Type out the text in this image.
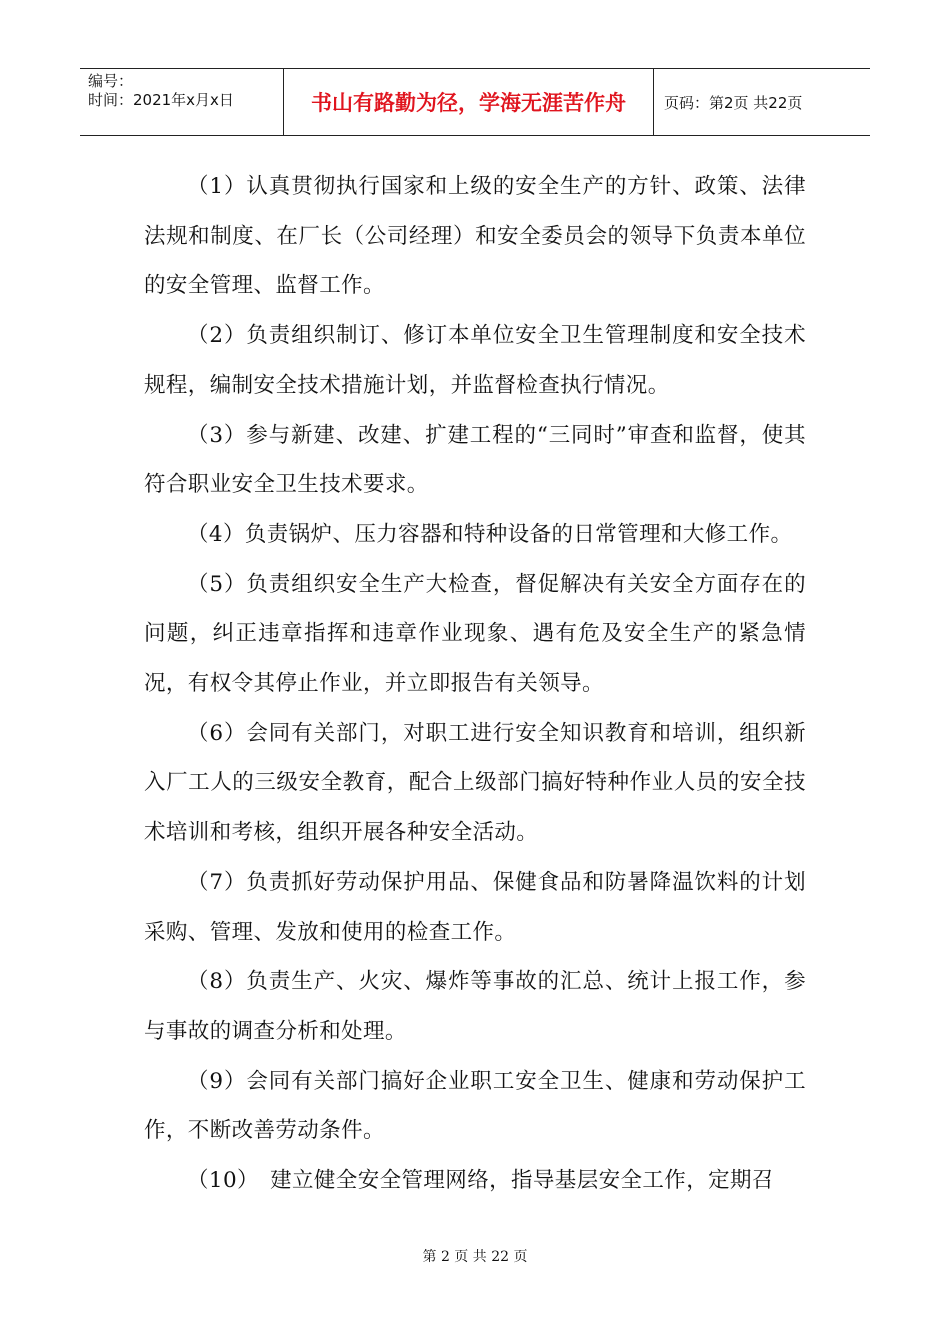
编号：
时间：2021年x月x日	书山有路勤为径，学海无涯苦作舟	页码：第2页 共22页

（1）认真贯彻执行国家和上级的安全生产的方针、政策、法律法规和制度、在厂长（公司经理）和安全委员会的领导下负责本单位的安全管理、监督工作。

（2）负责组织制订、修订本单位安全卫生管理制度和安全技术规程，编制安全技术措施计划，并监督检查执行情况。

（3）参与新建、改建、扩建工程的“三同时”审查和监督，使其符合职业安全卫生技术要求。

（4）负责锅炉、压力容器和特种设备的日常管理和大修工作。

（5）负责组织安全生产大检查，督促解决有关安全方面存在的问题，纠正违章指挥和违章作业现象、遇有危及安全生产的紧急情况，有权令其停止作业，并立即报告有关领导。

（6）会同有关部门，对职工进行安全知识教育和培训，组织新入厂工人的三级安全教育，配合上级部门搞好特种作业人员的安全技术培训和考核，组织开展各种安全活动。

（7）负责抓好劳动保护用品、保健食品和防暑降温饮料的计划采购、管理、发放和使用的检查工作。

（8）负责生产、火灾、爆炸等事故的汇总、统计上报工作，参与事故的调查分析和处理。

（9）会同有关部门搞好企业职工安全卫生、健康和劳动保护工作，不断改善劳动条件。

（10）　建立健全安全管理网络，指导基层安全工作，定期召

第 2 页 共 22 页
